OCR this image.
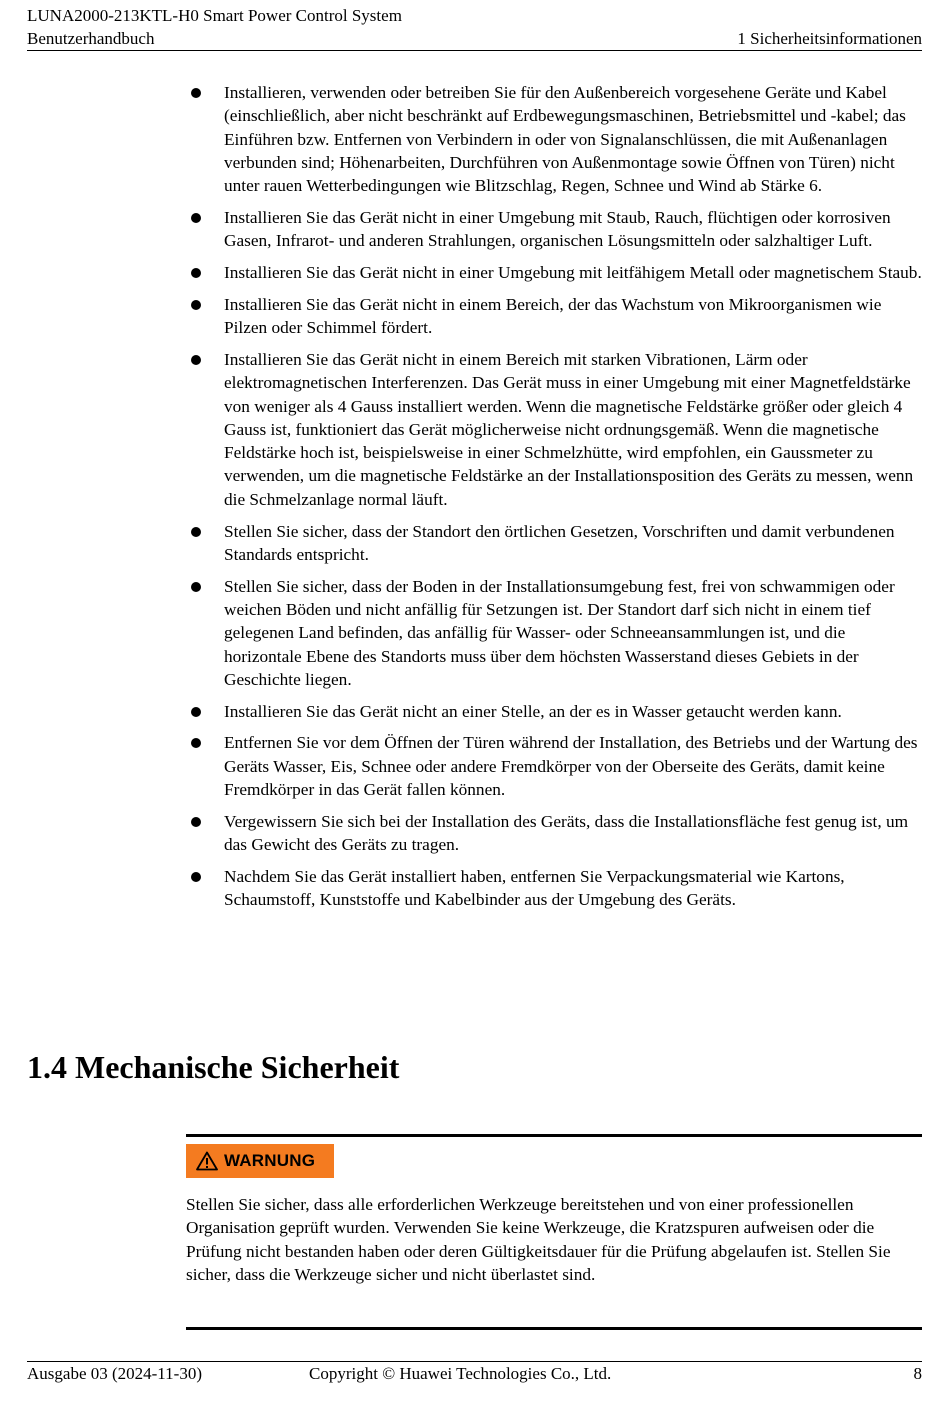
LUNA2000-213KTL-H0 Smart Power Control System
Benutzerhandbuch	1 Sicherheitsinformationen
Installieren, verwenden oder betreiben Sie für den Außenbereich vorgesehene Geräte und Kabel (einschließlich, aber nicht beschränkt auf Erdbewegungsmaschinen, Betriebsmittel und -kabel; das Einführen bzw. Entfernen von Verbindern in oder von Signalanschlüssen, die mit Außenanlagen verbunden sind; Höhenarbeiten, Durchführen von Außenmontage sowie Öffnen von Türen) nicht unter rauen Wetterbedingungen wie Blitzschlag, Regen, Schnee und Wind ab Stärke 6.
Installieren Sie das Gerät nicht in einer Umgebung mit Staub, Rauch, flüchtigen oder korrosiven Gasen, Infrarot- und anderen Strahlungen, organischen Lösungsmitteln oder salzhaltiger Luft.
Installieren Sie das Gerät nicht in einer Umgebung mit leitfähigem Metall oder magnetischem Staub.
Installieren Sie das Gerät nicht in einem Bereich, der das Wachstum von Mikroorganismen wie Pilzen oder Schimmel fördert.
Installieren Sie das Gerät nicht in einem Bereich mit starken Vibrationen, Lärm oder elektromagnetischen Interferenzen. Das Gerät muss in einer Umgebung mit einer Magnetfeldstärke von weniger als 4 Gauss installiert werden. Wenn die magnetische Feldstärke größer oder gleich 4 Gauss ist, funktioniert das Gerät möglicherweise nicht ordnungsgemäß. Wenn die magnetische Feldstärke hoch ist, beispielsweise in einer Schmelzhütte, wird empfohlen, ein Gaussmeter zu verwenden, um die magnetische Feldstärke an der Installationsposition des Geräts zu messen, wenn die Schmelzanlage normal läuft.
Stellen Sie sicher, dass der Standort den örtlichen Gesetzen, Vorschriften und damit verbundenen Standards entspricht.
Stellen Sie sicher, dass der Boden in der Installationsumgebung fest, frei von schwammigen oder weichen Böden und nicht anfällig für Setzungen ist. Der Standort darf sich nicht in einem tief gelegenen Land befinden, das anfällig für Wasser- oder Schneeansammlungen ist, und die horizontale Ebene des Standorts muss über dem höchsten Wasserstand dieses Gebiets in der Geschichte liegen.
Installieren Sie das Gerät nicht an einer Stelle, an der es in Wasser getaucht werden kann.
Entfernen Sie vor dem Öffnen der Türen während der Installation, des Betriebs und der Wartung des Geräts Wasser, Eis, Schnee oder andere Fremdkörper von der Oberseite des Geräts, damit keine Fremdkörper in das Gerät fallen können.
Vergewissern Sie sich bei der Installation des Geräts, dass die Installationsfläche fest genug ist, um das Gewicht des Geräts zu tragen.
Nachdem Sie das Gerät installiert haben, entfernen Sie Verpackungsmaterial wie Kartons, Schaumstoff, Kunststoffe und Kabelbinder aus der Umgebung des Geräts.
1.4 Mechanische Sicherheit
WARNUNG

Stellen Sie sicher, dass alle erforderlichen Werkzeuge bereitstehen und von einer professionellen Organisation geprüft wurden. Verwenden Sie keine Werkzeuge, die Kratzspuren aufweisen oder die Prüfung nicht bestanden haben oder deren Gültigkeitsdauer für die Prüfung abgelaufen ist. Stellen Sie sicher, dass die Werkzeuge sicher und nicht überlastet sind.

Ausgabe 03 (2024-11-30)	Copyright © Huawei Technologies Co., Ltd.	8
